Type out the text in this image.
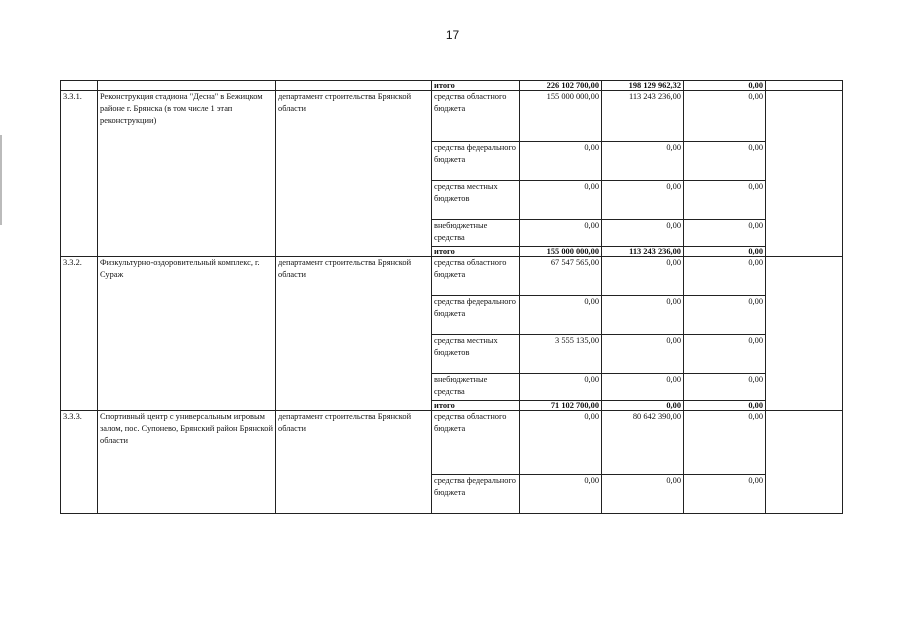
17
			итого	226 102 700,00	198 129 962,32	0,00	
3.3.1.	Реконструкция стадиона "Десна" в Бежицком районе г. Брянска (в том числе 1 этап реконструкции)	департамент строительства Брянской области	средства областного бюджета	155 000 000,00	113 243 236,00	0,00	
			средства федерального бюджета	0,00	0,00	0,00	
			средства местных бюджетов	0,00	0,00	0,00	
			внебюджетные средства	0,00	0,00	0,00	
			итого	155 000 000,00	113 243 236,00	0,00	
3.3.2.	Физкультурно-оздоровительный комплекс, г. Сураж	департамент строительства Брянской области	средства областного бюджета	67 547 565,00	0,00	0,00	
			средства федерального бюджета	0,00	0,00	0,00	
			средства местных бюджетов	3 555 135,00	0,00	0,00	
			внебюджетные средства	0,00	0,00	0,00	
			итого	71 102 700,00	0,00	0,00	
3.3.3.	Спортивный центр с универсальным игровым залом, пос. Супонево, Брянский район Брянской области	департамент строительства Брянской области	средства областного бюджета	0,00	80 642 390,00	0,00	
			средства федерального бюджета	0,00	0,00	0,00	
